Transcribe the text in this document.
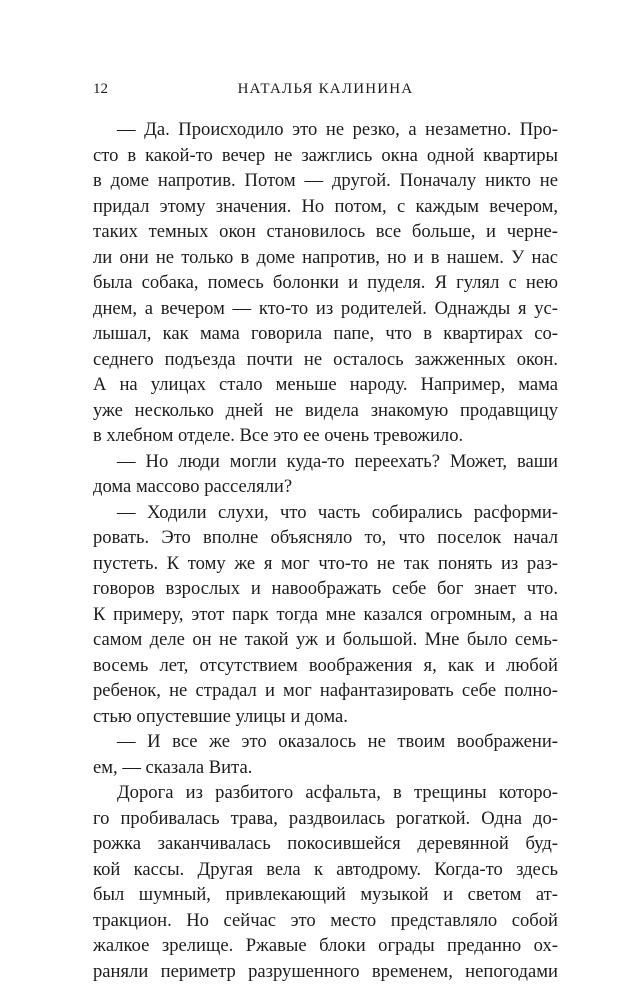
12	НАТАЛЬЯ КАЛИНИНА
— Да. Происходило это не резко, а незаметно. Про-
сто в какой-то вечер не зажглись окна одной квартиры
в доме напротив. Потом — другой. Поначалу никто не
придал этому значения. Но потом, с каждым вечером,
таких темных окон становилось все больше, и черне-
ли они не только в доме напротив, но и в нашем. У нас
была собака, помесь болонки и пуделя. Я гулял с нею
днем, а вечером — кто-то из родителей. Однажды я ус-
лышал, как мама говорила папе, что в квартирах со-
седнего подъезда почти не осталось зажженных окон.
А на улицах стало меньше народу. Например, мама
уже несколько дней не видела знакомую продавщицу
в хлебном отделе. Все это ее очень тревожило.
— Но люди могли куда-то переехать? Может, ваши
дома массово расселяли?
— Ходили слухи, что часть собирались расформи-
ровать. Это вполне объясняло то, что поселок начал
пустеть. К тому же я мог что-то не так понять из раз-
говоров взрослых и навоображать себе бог знает что.
К примеру, этот парк тогда мне казался огромным, а на
самом деле он не такой уж и большой. Мне было семь-
восемь лет, отсутствием воображения я, как и любой
ребенок, не страдал и мог нафантазировать себе полно-
стью опустевшие улицы и дома.
— И все же это оказалось не твоим воображени-
ем, — сказала Вита.
Дорога из разбитого асфальта, в трещины которо-
го пробивалась трава, раздвоилась рогаткой. Одна до-
рожка заканчивалась покосившейся деревянной буд-
кой кассы. Другая вела к автодрому. Когда-то здесь
был шумный, привлекающий музыкой и светом ат-
тракцион. Но сейчас это место представляло собой
жалкое зрелище. Ржавые блоки ограды преданно ох-
раняли периметр разрушенного временем, непогодами
